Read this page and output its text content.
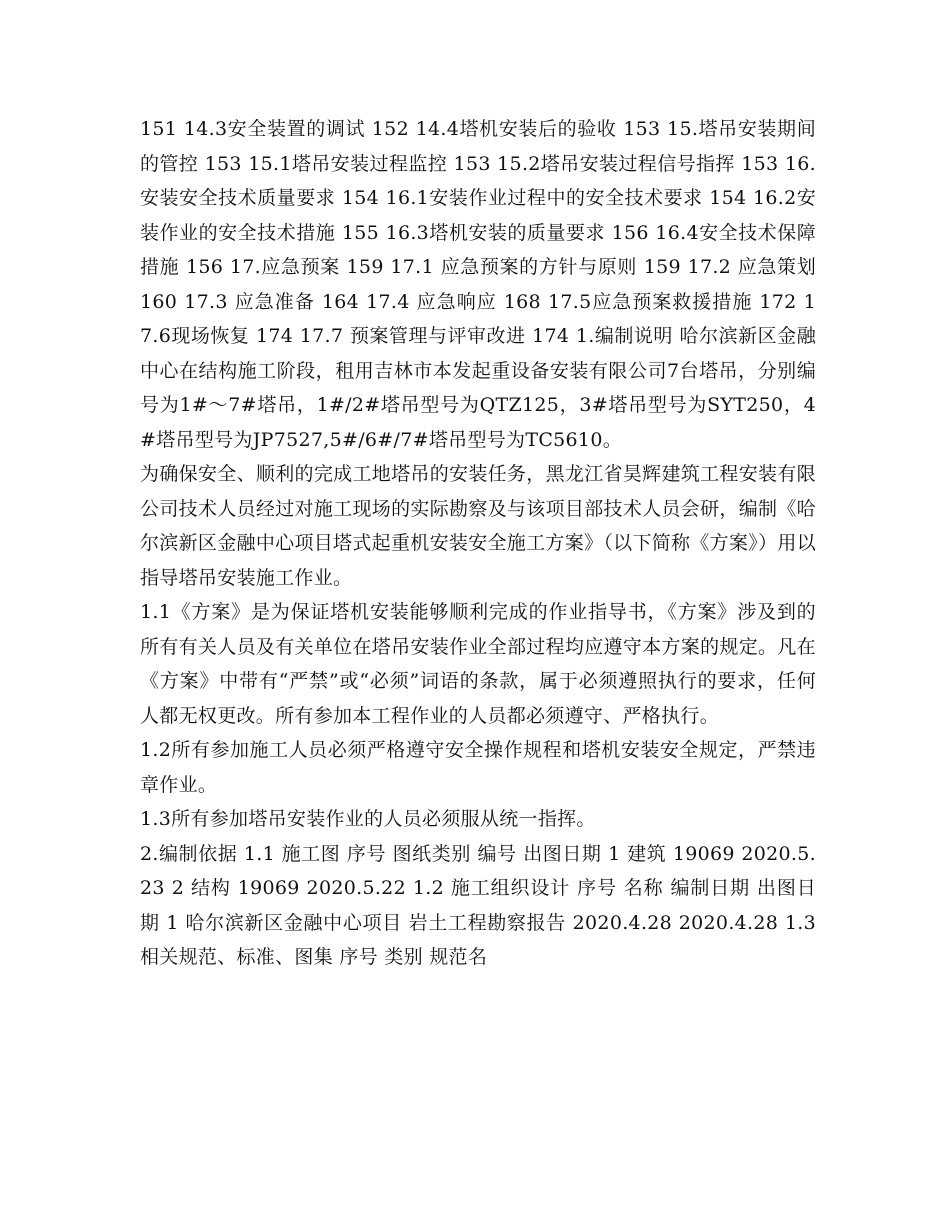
151 14.3安全装置的调试 152 14.4塔机安装后的验收 153 15.塔吊安装期间的管控 153 15.1塔吊安装过程监控 153 15.2塔吊安装过程信号指挥 153 16.安装安全技术质量要求 154 16.1安装作业过程中的安全技术要求 154 16.2安装作业的安全技术措施 155 16.3塔机安装的质量要求 156 16.4安全技术保障措施 156 17.应急预案 159 17.1 应急预案的方针与原则 159 17.2 应急策划 160 17.3 应急准备 164 17.4 应急响应 168 17.5应急预案救援措施 172 17.6现场恢复 174 17.7 预案管理与评审改进 174 1.编制说明 哈尔滨新区金融中心在结构施工阶段，租用吉林市本发起重设备安装有限公司7台塔吊，分别编号为1#～7#塔吊，1#/2#塔吊型号为QTZ125，3#塔吊型号为SYT250，4#塔吊型号为JP7527,5#/6#/7#塔吊型号为TC5610。

为确保安全、顺利的完成工地塔吊的安装任务，黑龙江省昊辉建筑工程安装有限公司技术人员经过对施工现场的实际勘察及与该项目部技术人员会研，编制《哈尔滨新区金融中心项目塔式起重机安装安全施工方案》（以下简称《方案》）用以指导塔吊安装施工作业。

1.1《方案》是为保证塔机安装能够顺利完成的作业指导书，《方案》涉及到的所有有关人员及有关单位在塔吊安装作业全部过程均应遵守本方案的规定。凡在《方案》中带有“严禁”或“必须”词语的条款，属于必须遵照执行的要求，任何人都无权更改。所有参加本工程作业的人员都必须遵守、严格执行。

1.2所有参加施工人员必须严格遵守安全操作规程和塔机安装安全规定，严禁违章作业。

1.3所有参加塔吊安装作业的人员必须服从统一指挥。

2.编制依据 1.1 施工图 序号 图纸类别 编号 出图日期 1 建筑 19069 2020.5.23 2 结构 19069 2020.5.22 1.2 施工组织设计 序号 名称 编制日期 出图日期 1 哈尔滨新区金融中心项目 岩土工程勘察报告 2020.4.28 2020.4.28 1.3 相关规范、标准、图集 序号 类别 规范名
